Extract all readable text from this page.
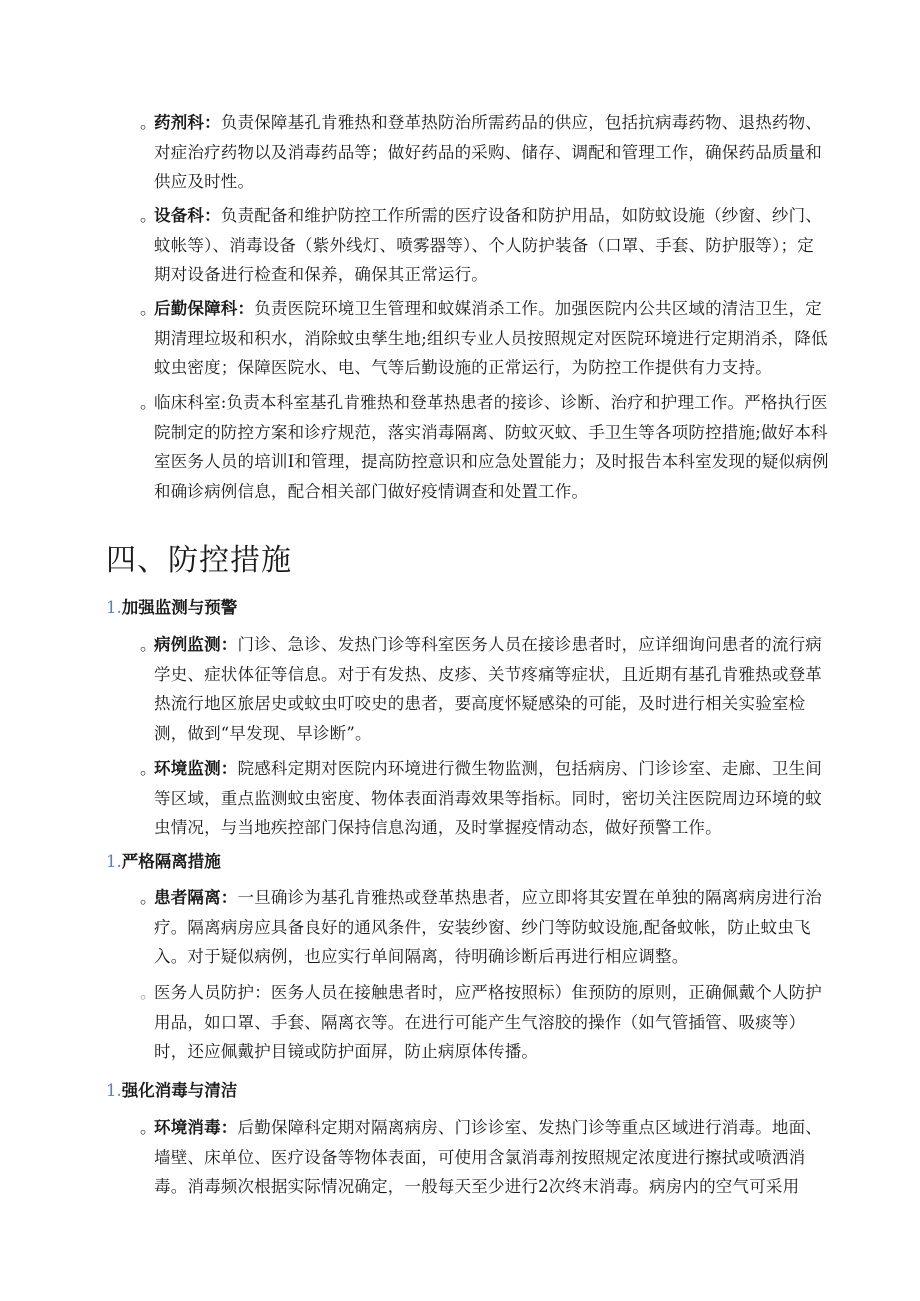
。
药剂科：负责保障基孔肯雅热和登革热防治所需药品的供应，包括抗病毒药物、退热药物、对症治疗药物以及消毒药品等；做好药品的采购、储存、调配和管理工作，确保药品质量和供应及时性。
。
设备科：负责配备和维护防控工作所需的医疗设备和防护用品，如防蚊设施（纱窗、纱门、蚊帐等）、消毒设备（紫外线灯、喷雾器等）、个人防护装备（口罩、手套、防护服等）；定期对设备进行检查和保养，确保其正常运行。
。
后勤保障科：负责医院环境卫生管理和蚊媒消杀工作。加强医院内公共区域的清洁卫生，定期清理垃圾和积水，消除蚊虫孳生地;组织专业人员按照规定对医院环境进行定期消杀，降低蚊虫密度；保障医院水、电、气等后勤设施的正常运行，为防控工作提供有力支持。
。
临床科室:负责本科室基孔肯雅热和登革热患者的接诊、诊断、治疗和护理工作。严格执行医院制定的防控方案和诊疗规范，落实消毒隔离、防蚊灭蚊、手卫生等各项防控措施;做好本科室医务人员的培训I和管理，提高防控意识和应急处置能力；及时报告本科室发现的疑似病例和确诊病例信息，配合相关部门做好疫情调查和处置工作。
四、防控措施
1.加强监测与预警
。
病例监测：门诊、急诊、发热门诊等科室医务人员在接诊患者时，应详细询问患者的流行病学史、症状体征等信息。对于有发热、皮疹、关节疼痛等症状，且近期有基孔肯雅热或登革热流行地区旅居史或蚊虫叮咬史的患者，要高度怀疑感染的可能，及时进行相关实验室检测，做到“早发现、早诊断”。
。
环境监测：院感科定期对医院内环境进行微生物监测，包括病房、门诊诊室、走廊、卫生间等区域，重点监测蚊虫密度、物体表面消毒效果等指标。同时，密切关注医院周边环境的蚊虫情况，与当地疾控部门保持信息沟通，及时掌握疫情动态，做好预警工作。
1.严格隔离措施
。
患者隔离：一旦确诊为基孔肯雅热或登革热患者，应立即将其安置在单独的隔离病房进行治疗。隔离病房应具备良好的通风条件，安装纱窗、纱门等防蚊设施,配备蚊帐，防止蚊虫飞入。对于疑似病例，也应实行单间隔离，待明确诊断后再进行相应调整。
。
医务人员防护：医务人员在接触患者时，应严格按照标）隹预防的原则，正确佩戴个人防护用品，如口罩、手套、隔离衣等。在进行可能产生气溶胶的操作（如气管插管、吸痰等）时，还应佩戴护目镜或防护面屏，防止病原体传播。
1.强化消毒与清洁
。
环境消毒：后勤保障科定期对隔离病房、门诊诊室、发热门诊等重点区域进行消毒。地面、墙壁、床单位、医疗设备等物体表面，可使用含氯消毒剂按照规定浓度进行擦拭或喷洒消毒。消毒频次根据实际情况确定，一般每天至少进行2次终末消毒。病房内的空气可采用
